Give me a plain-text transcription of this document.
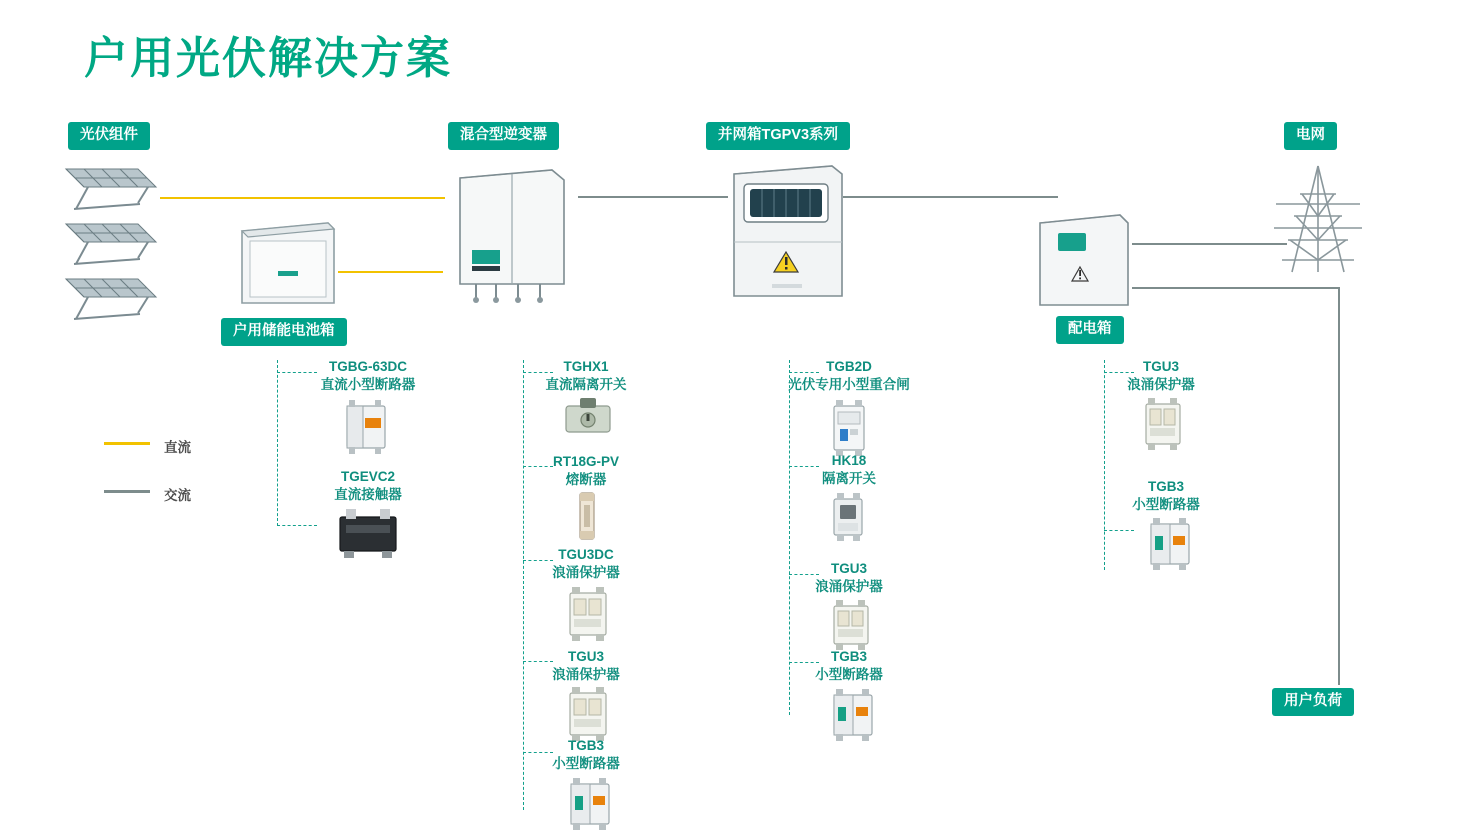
户用光伏解决方案
光伏组件	混合型逆变器	并网箱TGPV3系列	电网
户用储能电池箱	配电箱
用户负荷
TGBG-63DC
直流小型断路器
TGEVC2
直流接触器
TGHX1
直流隔离开关
RT18G-PV
熔断器
TGU3DC
浪涌保护器
TGU3
浪涌保护器
TGB3
小型断路器
TGB2D
光伏专用小型重合闸
HK18
隔离开关
TGU3
浪涌保护器
TGB3
小型断路器
TGU3
浪涌保护器
TGB3
小型断路器
直流
交流
